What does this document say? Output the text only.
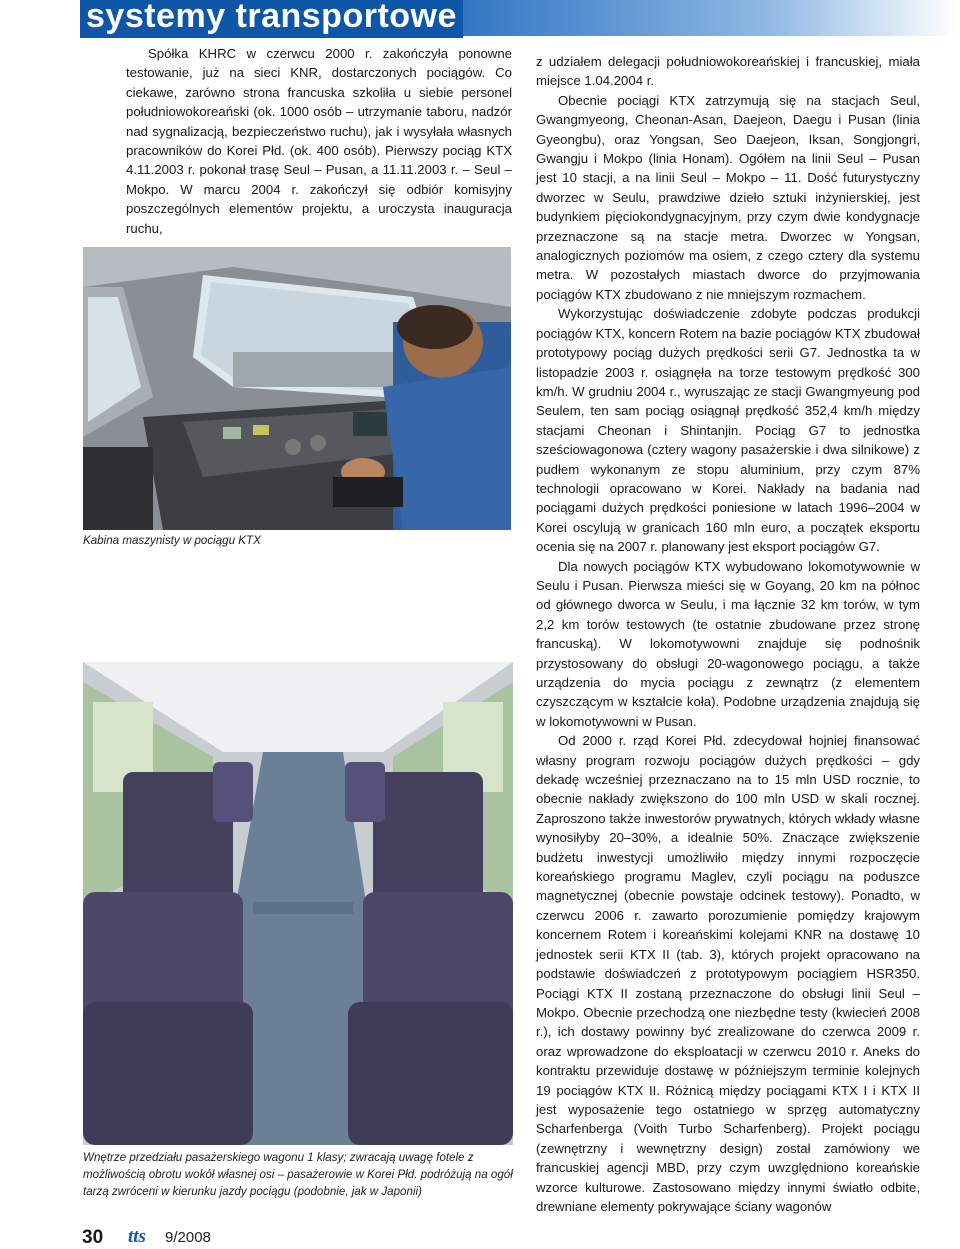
systemy transportowe

Spółka KHRC w czerwcu 2000 r. zakończyła ponowne testowanie, już na sieci KNR, dostarczonych pociągów. Co ciekawe, zarówno strona francuska szkoliła u siebie personel południowokoreański (ok. 1000 osób – utrzymanie taboru, nadzór nad sygnalizacją, bezpieczeństwo ruchu), jak i wysyłała własnych pracowników do Korei Płd. (ok. 400 osób). Pierwszy pociąg KTX 4.11.2003 r. pokonał trasę Seul – Pusan, a 11.11.2003 r. – Seul – Mokpo. W marcu 2004 r. zakończył się odbiór komisyjny poszczególnych elementów projektu, a uroczysta inauguracja ruchu,

Kabina maszynisty w pociągu KTX
Wnętrze przedziału pasażerskiego wagonu 1 klasy; zwracają uwagę fotele z możliwością obrotu wokół własnej osi – pasażerowie w Korei Płd. podróżują na ogół tarzą zwróceni w kierunku jazdy pociągu (podobnie, jak w Japonii)

z udziałem delegacji południowokoreańskiej i francuskiej, miała miejsce 1.04.2004 r.

Obecnie pociągi KTX zatrzymują się na stacjach Seul, Gwangmyeong, Cheonan-Asan, Daejeon, Daegu i Pusan (linia Gyeongbu), oraz Yongsan, Seo Daejeon, Iksan, Songjongri, Gwangju i Mokpo (linia Honam). Ogółem na linii Seul – Pusan jest 10 stacji, a na linii Seul – Mokpo – 11. Dość futurystyczny dworzec w Seulu, prawdziwe dzieło sztuki inżynierskiej, jest budynkiem pięciokondygnacyjnym, przy czym dwie kondygnacje przeznaczone są na stacje metra. Dworzec w Yongsan, analogicznych poziomów ma osiem, z czego cztery dla systemu metra. W pozostałych miastach dworce do przyjmowania pociągów KTX zbudowano z nie mniejszym rozmachem.

Wykorzystując doświadczenie zdobyte podczas produkcji pociągów KTX, koncern Rotem na bazie pociągów KTX zbudował prototypowy pociąg dużych prędkości serii G7. Jednostka ta w listopadzie 2003 r. osiągnęła na torze testowym prędkość 300 km/h. W grudniu 2004 r., wyruszając ze stacji Gwangmyeung pod Seulem, ten sam pociąg osiągnął prędkość 352,4 km/h między stacjami Cheonan i Shintanjin. Pociąg G7 to jednostka sześciowagonowa (cztery wagony pasażerskie i dwa silnikowe) z pudłem wykonanym ze stopu aluminium, przy czym 87% technologii opracowano w Korei. Nakłady na badania nad pociągami dużych prędkości poniesione w latach 1996–2004 w Korei oscylują w granicach 160 mln euro, a początek eksportu ocenia się na 2007 r. planowany jest eksport pociągów G7.

Dla nowych pociągów KTX wybudowano lokomotywownie w Seulu i Pusan. Pierwsza mieści się w Goyang, 20 km na północ od głównego dworca w Seulu, i ma łącznie 32 km torów, w tym 2,2 km torów testowych (te ostatnie zbudowane przez stronę francuską). W lokomotywowni znajduje się podnośnik przystosowany do obsługi 20-wagonowego pociągu, a także urządzenia do mycia pociągu z zewnątrz (z elementem czyszczącym w kształcie koła). Podobne urządzenia znajdują się w lokomotywowni w Pusan.

Od 2000 r. rząd Korei Płd. zdecydował hojniej finansować własny program rozwoju pociągów dużych prędkości – gdy dekadę wcześniej przeznaczano na to 15 mln USD rocznie, to obecnie nakłady zwiększono do 100 mln USD w skali rocznej. Zaproszono także inwestorów prywatnych, których wkłady własne wynosiłyby 20–30%, a idealnie 50%. Znaczące zwiększenie budżetu inwestycji umożliwiło między innymi rozpoczęcie koreańskiego programu Maglev, czyli pociągu na poduszce magnetycznej (obecnie powstaje odcinek testowy). Ponadto, w czerwcu 2006 r. zawarto porozumienie pomiędzy krajowym koncernem Rotem i koreańskimi kolejami KNR na dostawę 10 jednostek serii KTX II (tab. 3), których projekt opracowano na podstawie doświadczeń z prototypowym pociągiem HSR350. Pociągi KTX II zostaną przeznaczone do obsługi linii Seul – Mokpo. Obecnie przechodzą one niezbędne testy (kwiecień 2008 r.), ich dostawy powinny być zrealizowane do czerwca 2009 r. oraz wprowadzone do eksploatacji w czerwcu 2010 r. Aneks do kontraktu przewiduje dostawę w późniejszym terminie kolejnych 19 pociągów KTX II. Różnicą między pociągami KTX I i KTX II jest wyposażenie tego ostatniego w sprzęg automatyczny Scharfenberga (Voith Turbo Scharfenberg). Projekt pociągu (zewnętrzny i wewnętrzny design) został zamówiony we francuskiej agencji MBD, przy czym uwzględniono koreańskie wzorce kulturowe. Zastosowano między innymi światło odbite, drewniane elementy pokrywające ściany wagonów

30 tts 9/2008
